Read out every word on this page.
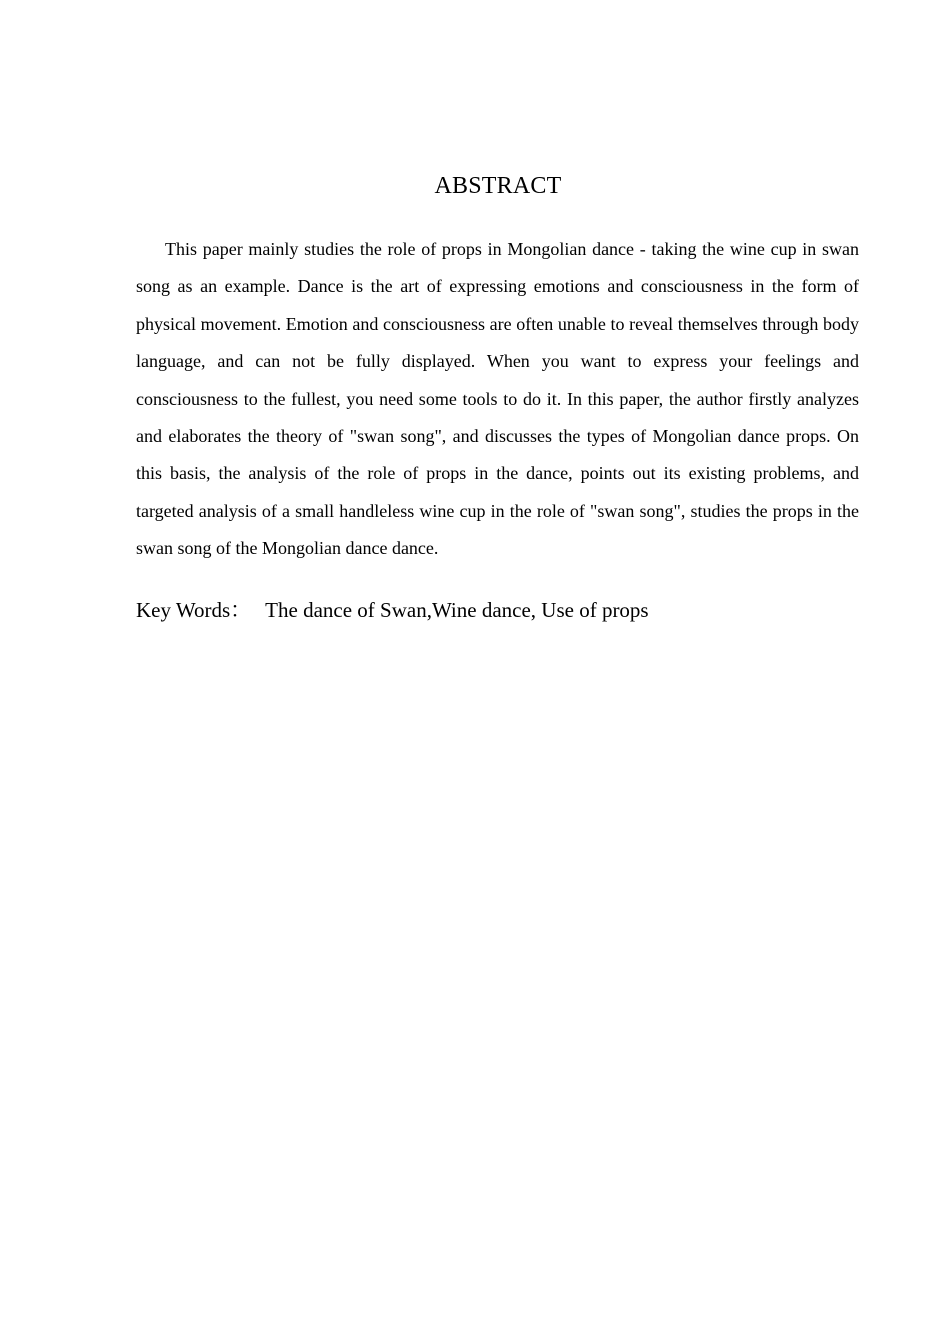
ABSTRACT

This paper mainly studies the role of props in Mongolian dance - taking the wine cup in swan song as an example. Dance is the art of expressing emotions and consciousness in the form of physical movement. Emotion and consciousness are often unable to reveal themselves through body language, and can not be fully displayed. When you want to express your feelings and consciousness to the fullest, you need some tools to do it. In this paper, the author firstly analyzes and elaborates the theory of "swan song", and discusses the types of Mongolian dance props. On this basis, the analysis of the role of props in the dance, points out its existing problems, and targeted analysis of a small handleless wine cup in the role of "swan song", studies the props in the swan song of the Mongolian dance dance.

Key Words： The dance of Swan,Wine dance, Use of props
